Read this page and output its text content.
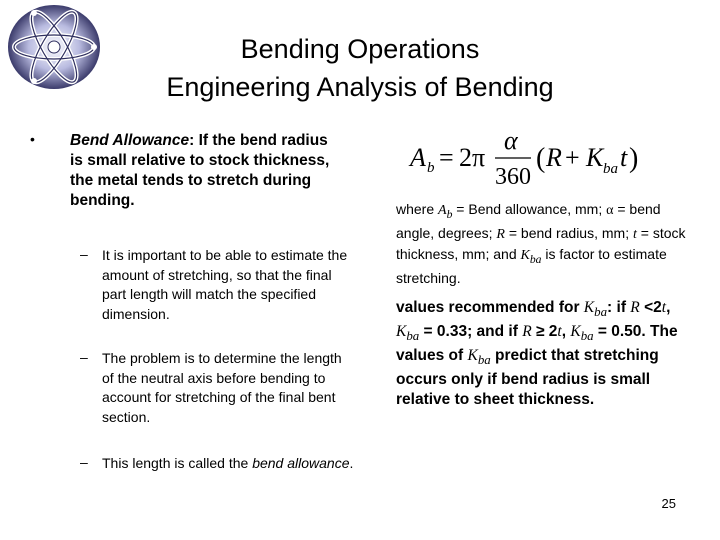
Bending Operations
Engineering Analysis of Bending
• Bend Allowance: If the bend radius is small relative to stock thickness, the metal tends to stretch during bending.
– It is important to be able to estimate the amount of stretching, so that the final part length will match the specified dimension.
– The problem is to determine the length of the neutral axis before bending to account for stretching of the final bent section.
– This length is called the bend allowance.
A b = 2π
α
360
( R + K ba t )
where $A_b$ = Bend allowance, mm; α = bend angle, degrees; R = bend radius, mm; t = stock thickness, mm; and $K_{ba}$ is factor to estimate stretching.
values recommended for $K_{ba}$: if R <2t, $K_{ba} = 0.33$; and if R ≥ 2t, $K_{ba} = 0.50$. The values of $K_{ba}$ predict that stretching occurs only if bend radius is small relative to sheet thickness.
25
